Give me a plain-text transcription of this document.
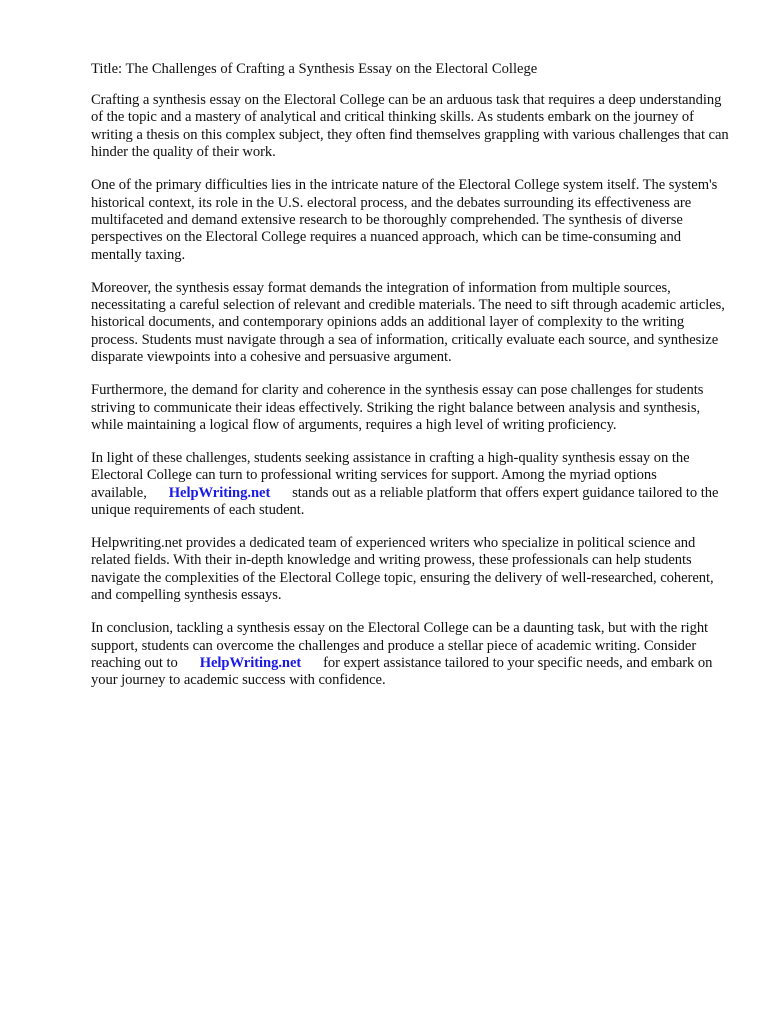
Title: The Challenges of Crafting a Synthesis Essay on the Electoral College

Crafting a synthesis essay on the Electoral College can be an arduous task that requires a deep understanding of the topic and a mastery of analytical and critical thinking skills. As students embark on the journey of writing a thesis on this complex subject, they often find themselves grappling with various challenges that can hinder the quality of their work.

One of the primary difficulties lies in the intricate nature of the Electoral College system itself. The system's historical context, its role in the U.S. electoral process, and the debates surrounding its effectiveness are multifaceted and demand extensive research to be thoroughly comprehended. The synthesis of diverse perspectives on the Electoral College requires a nuanced approach, which can be time-consuming and mentally taxing.

Moreover, the synthesis essay format demands the integration of information from multiple sources, necessitating a careful selection of relevant and credible materials. The need to sift through academic articles, historical documents, and contemporary opinions adds an additional layer of complexity to the writing process. Students must navigate through a sea of information, critically evaluate each source, and synthesize disparate viewpoints into a cohesive and persuasive argument.

Furthermore, the demand for clarity and coherence in the synthesis essay can pose challenges for students striving to communicate their ideas effectively. Striking the right balance between analysis and synthesis, while maintaining a logical flow of arguments, requires a high level of writing proficiency.

In light of these challenges, students seeking assistance in crafting a high-quality synthesis essay on the Electoral College can turn to professional writing services for support. Among the myriad options available, HelpWriting.net stands out as a reliable platform that offers expert guidance tailored to the unique requirements of each student.

Helpwriting.net provides a dedicated team of experienced writers who specialize in political science and related fields. With their in-depth knowledge and writing prowess, these professionals can help students navigate the complexities of the Electoral College topic, ensuring the delivery of well-researched, coherent, and compelling synthesis essays.

In conclusion, tackling a synthesis essay on the Electoral College can be a daunting task, but with the right support, students can overcome the challenges and produce a stellar piece of academic writing. Consider reaching out to HelpWriting.net for expert assistance tailored to your specific needs, and embark on your journey to academic success with confidence.
